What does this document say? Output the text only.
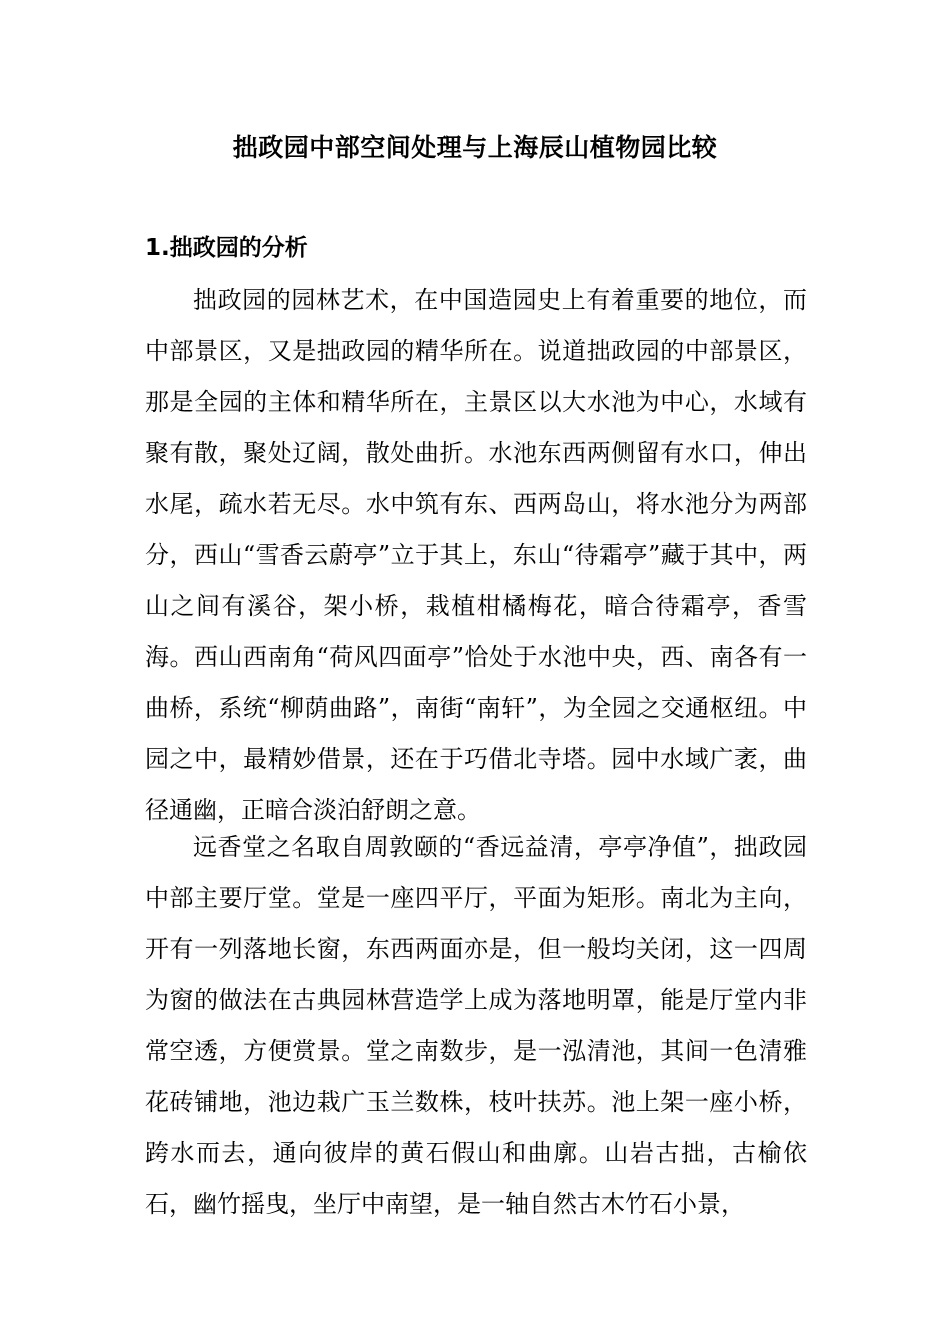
拙政园中部空间处理与上海辰山植物园比较
1.拙政园的分析

拙政园的园林艺术，在中国造园史上有着重要的地位，而中部景区，又是拙政园的精华所在。说道拙政园的中部景区，那是全园的主体和精华所在，主景区以大水池为中心，水域有聚有散，聚处辽阔，散处曲折。水池东西两侧留有水口，伸出水尾，疏水若无尽。水中筑有东、西两岛山，将水池分为两部分，西山“雪香云蔚亭”立于其上，东山“待霜亭”藏于其中，两山之间有溪谷，架小桥，栽植柑橘梅花，暗合待霜亭，香雪海。西山西南角“荷风四面亭”恰处于水池中央，西、南各有一曲桥，系统“柳荫曲路”，南街“南轩”，为全园之交通枢纽。中园之中，最精妙借景，还在于巧借北寺塔。园中水域广袤，曲径通幽，正暗合淡泊舒朗之意。

远香堂之名取自周敦颐的“香远益清，亭亭净值”，拙政园中部主要厅堂。堂是一座四平厅，平面为矩形。南北为主向，开有一列落地长窗，东西两面亦是，但一般均关闭，这一四周为窗的做法在古典园林营造学上成为落地明罩，能是厅堂内非常空透，方便赏景。堂之南数步，是一泓清池，其间一色清雅花砖铺地，池边栽广玉兰数株，枝叶扶苏。池上架一座小桥，跨水而去，通向彼岸的黄石假山和曲廓。山岩古拙，古榆依石，幽竹摇曳，坐厅中南望，是一轴自然古木竹石小景，
